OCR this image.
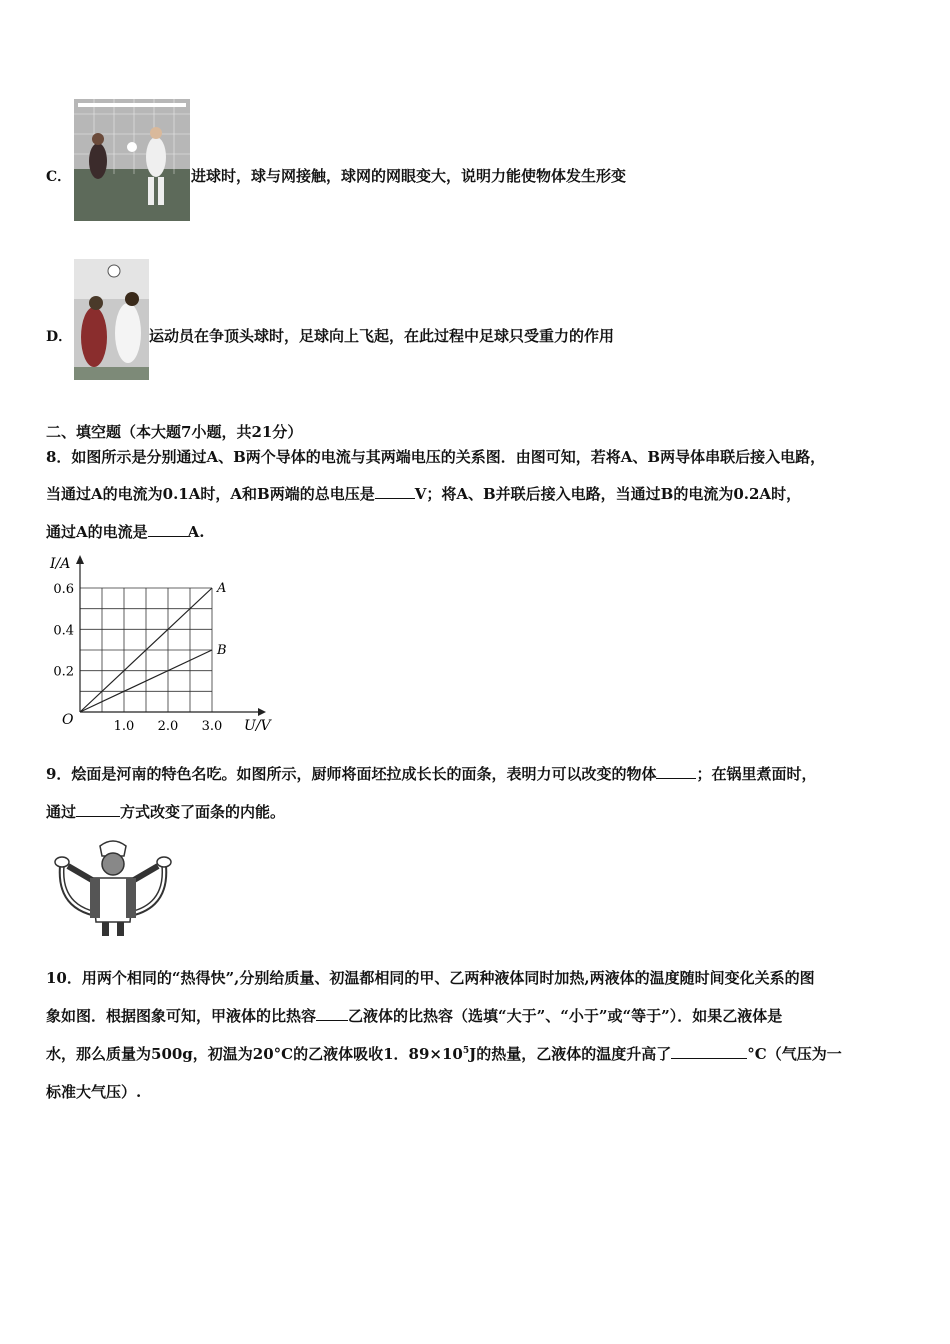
C．	进球时，球与网接触，球网的网眼变大，说明力能使物体发生形变
D．	运动员在争顶头球时，足球向上飞起，在此过程中足球只受重力的作用
二、填空题（本大题7小题，共21分）
8．如图所示是分别通过A、B两个导体的电流与其两端电压的关系图．由图可知，若将A、B两导体串联后接入电路，
当通过A的电流为0.1A时，A和B两端的总电压是	V；将A、B并联后接入电路，当通过B的电流为0.2A时，
通过A的电流是	A.
A
B
1.0 2.0 3.0
0.2
0.4
0.6
I/A
U/V
O
9．烩面是河南的特色名吃。如图所示，厨师将面坯拉成长长的面条，表明力可以改变的物体	；在锅里煮面时，
通过	方式改变了面条的内能。
10．用两个相同的“热得快”,分别给质量、初温都相同的甲、乙两种液体同时加热,两液体的温度随时间变化关系的图
象如图．根据图象可知，甲液体的比热容 乙液体的比热容（选填“大于”、“小于”或“等于”）．如果乙液体是
水，那么质量为500g，初温为20°C的乙液体吸收1．$89\times 10^5J$的热量，乙液体的温度升高了	°C（气压为一
标准大气压）.
